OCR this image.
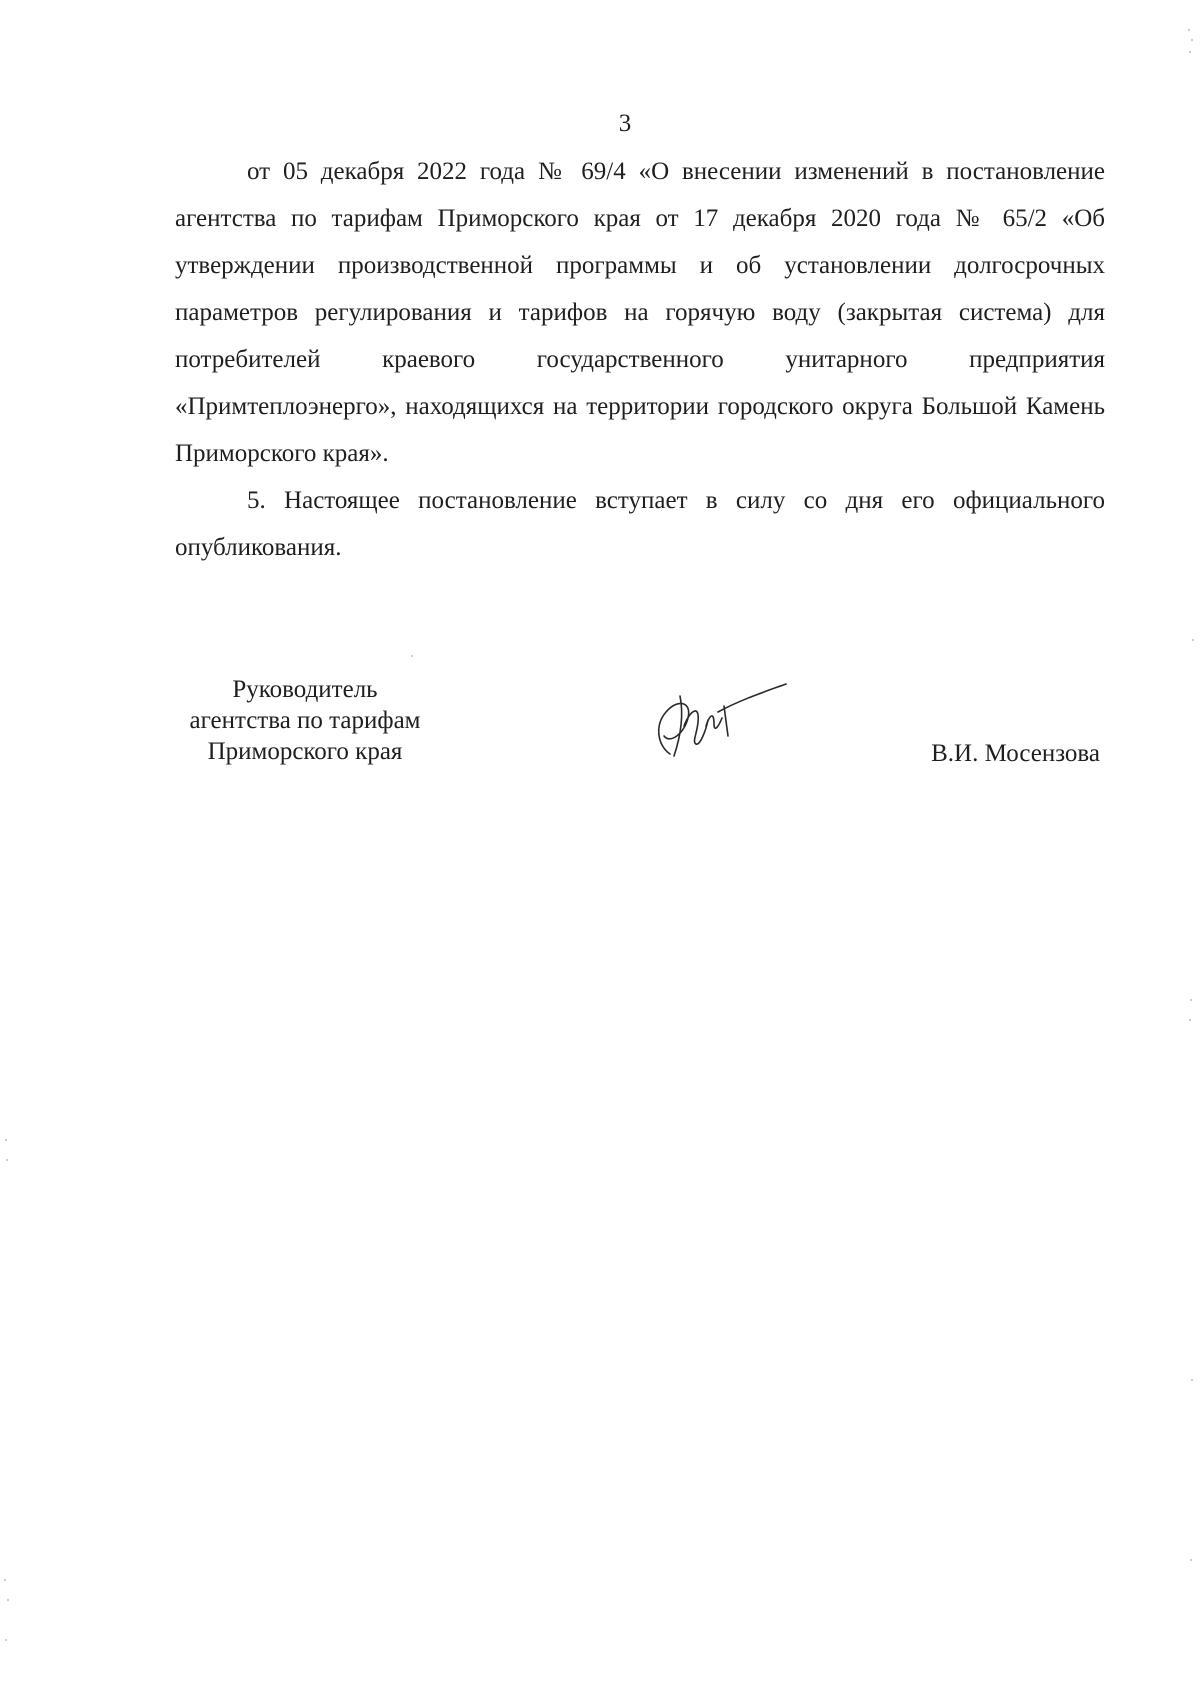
3

от 05 декабря 2022 года № 69/4 «О внесении изменений в постановление агентства по тарифам Приморского края от 17 декабря 2020 года № 65/2 «Об утверждении производственной программы и об установлении долгосрочных параметров регулирования и тарифов на горячую воду (закрытая система) для потребителей краевого государственного унитарного предприятия «Примтеплоэнерго», находящихся на территории городского округа Большой Камень Приморского края».

5. Настоящее постановление вступает в силу со дня его официального опубликования.

Руководитель
агентства по тарифам
Приморского края	В.И. Мосензова
